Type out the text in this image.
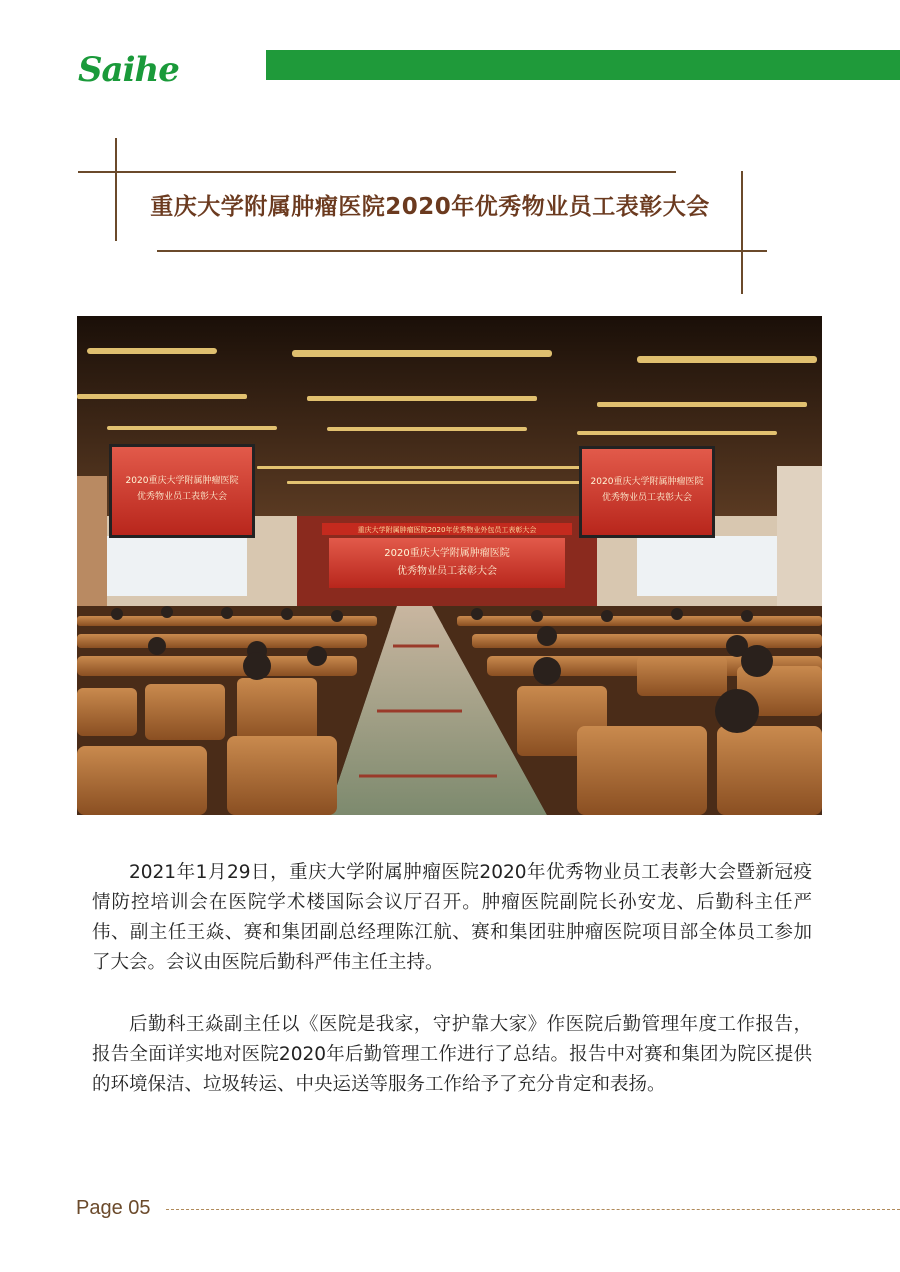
Saihe
重庆大学附属肿瘤医院2020年优秀物业员工表彰大会
重庆大学附属肿瘤医院2020年优秀物业外包员工表彰大会
2020重庆大学附属肿瘤医院
优秀物业员工表彰大会
2020重庆大学附属肿瘤医院
优秀物业员工表彰大会
2020重庆大学附属肿瘤医院
优秀物业员工表彰大会

2021年1月29日，重庆大学附属肿瘤医院2020年优秀物业员工表彰大会暨新冠疫情防控培训会在医院学术楼国际会议厅召开。肿瘤医院副院长孙安龙、后勤科主任严伟、副主任王焱、赛和集团副总经理陈江航、赛和集团驻肿瘤医院项目部全体员工参加了大会。会议由医院后勤科严伟主任主持。

后勤科王焱副主任以《医院是我家，守护靠大家》作医院后勤管理年度工作报告，报告全面详实地对医院2020年后勤管理工作进行了总结。报告中对赛和集团为院区提供的环境保洁、垃圾转运、中央运送等服务工作给予了充分肯定和表扬。

Page 05
